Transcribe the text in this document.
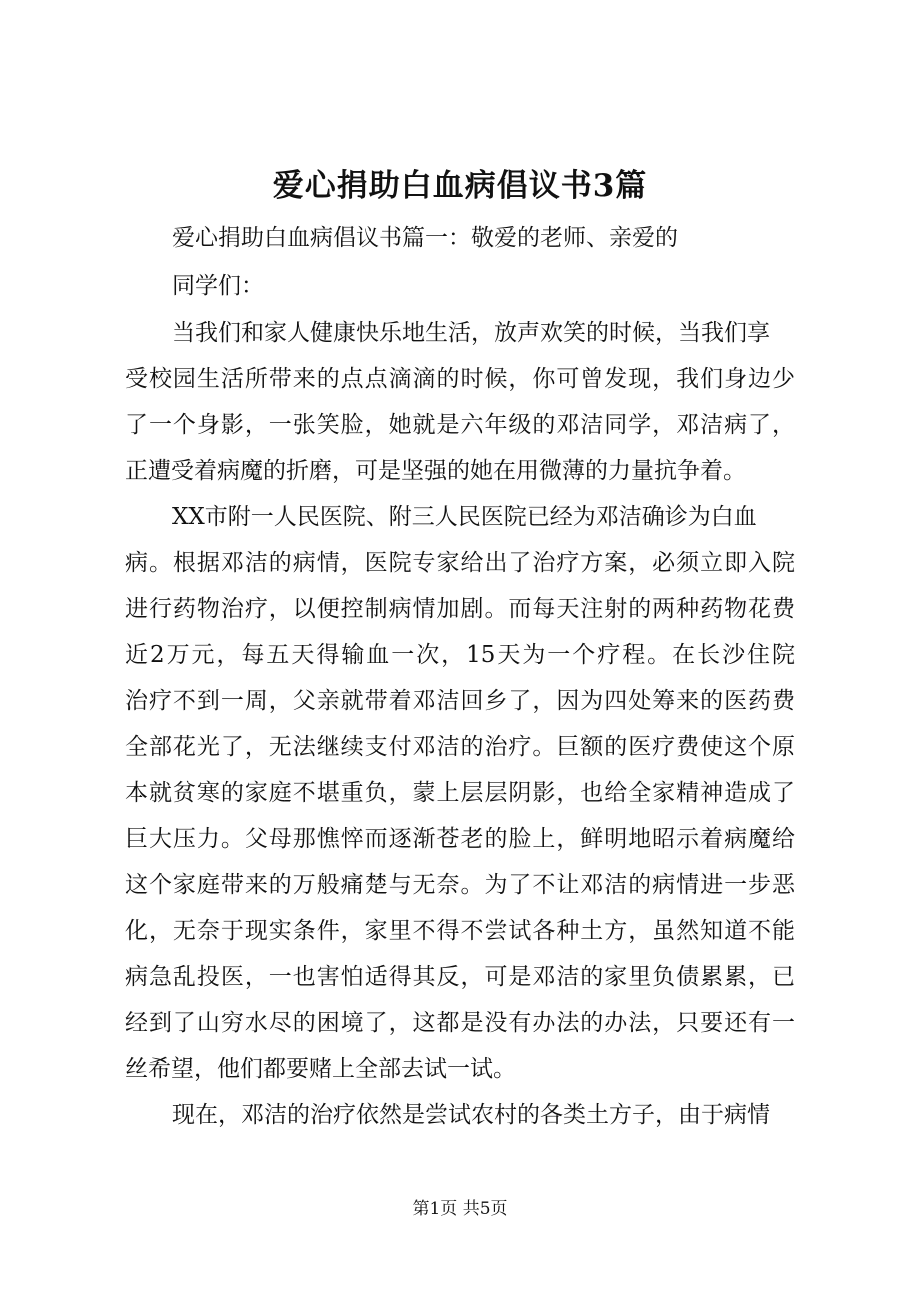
爱心捐助白血病倡议书3篇

爱心捐助白血病倡议书篇一：敬爱的老师、亲爱的

同学们：

当我们和家人健康快乐地生活，放声欢笑的时候，当我们享

受校园生活所带来的点点滴滴的时候，你可曾发现，我们身边少

了一个身影，一张笑脸，她就是六年级的邓洁同学，邓洁病了，

正遭受着病魔的折磨，可是坚强的她在用微薄的力量抗争着。

XX市附一人民医院、附三人民医院已经为邓洁确诊为白血

病。根据邓洁的病情，医院专家给出了治疗方案，必须立即入院

进行药物治疗，以便控制病情加剧。而每天注射的两种药物花费

近2万元，每五天得输血一次，15天为一个疗程。在长沙住院

治疗不到一周，父亲就带着邓洁回乡了，因为四处筹来的医药费

全部花光了，无法继续支付邓洁的治疗。巨额的医疗费使这个原

本就贫寒的家庭不堪重负，蒙上层层阴影，也给全家精神造成了

巨大压力。父母那憔悴而逐渐苍老的脸上，鲜明地昭示着病魔给

这个家庭带来的万般痛楚与无奈。为了不让邓洁的病情进一步恶

化，无奈于现实条件，家里不得不尝试各种土方，虽然知道不能

病急乱投医，一也害怕适得其反，可是邓洁的家里负债累累，已

经到了山穷水尽的困境了，这都是没有办法的办法，只要还有一

丝希望，他们都要赌上全部去试一试。

现在，邓洁的治疗依然是尝试农村的各类土方子，由于病情

第1页 共5页
